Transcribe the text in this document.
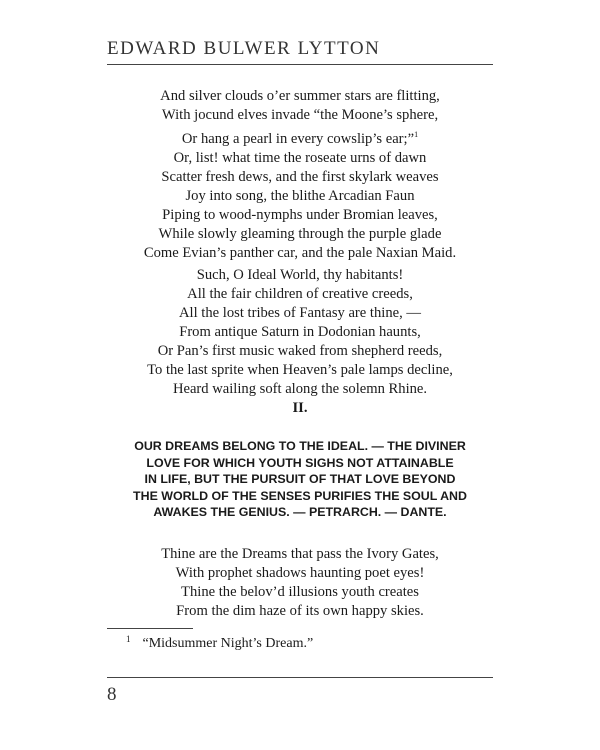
EDWARD BULWER LYTTON
And silver clouds o’er summer stars are flitting,
With jocund elves invade “the Moone’s sphere,
Or hang a pearl in every cowslip’s ear;”$^1$
Or, list! what time the roseate urns of dawn
Scatter fresh dews, and the first skylark weaves
Joy into song, the blithe Arcadian Faun
Piping to wood-nymphs under Bromian leaves,
While slowly gleaming through the purple glade
Come Evian’s panther car, and the pale Naxian Maid.
Such, O Ideal World, thy habitants!
All the fair children of creative creeds,
All the lost tribes of Fantasy are thine, —
From antique Saturn in Dodonian haunts,
Or Pan’s first music waked from shepherd reeds,
To the last sprite when Heaven’s pale lamps decline,
Heard wailing soft along the solemn Rhine.
II.
OUR DREAMS BELONG TO THE IDEAL. — THE DIVINER
LOVE FOR WHICH YOUTH SIGHS NOT ATTAINABLE
IN LIFE, BUT THE PURSUIT OF THAT LOVE BEYOND
THE WORLD OF THE SENSES PURIFIES THE SOUL AND
AWAKES THE GENIUS. — PETRARCH. — DANTE.
Thine are the Dreams that pass the Ivory Gates,
With prophet shadows haunting poet eyes!
Thine the belov’d illusions youth creates
From the dim haze of its own happy skies.
$^1$ “Midsummer Night’s Dream.”
8
